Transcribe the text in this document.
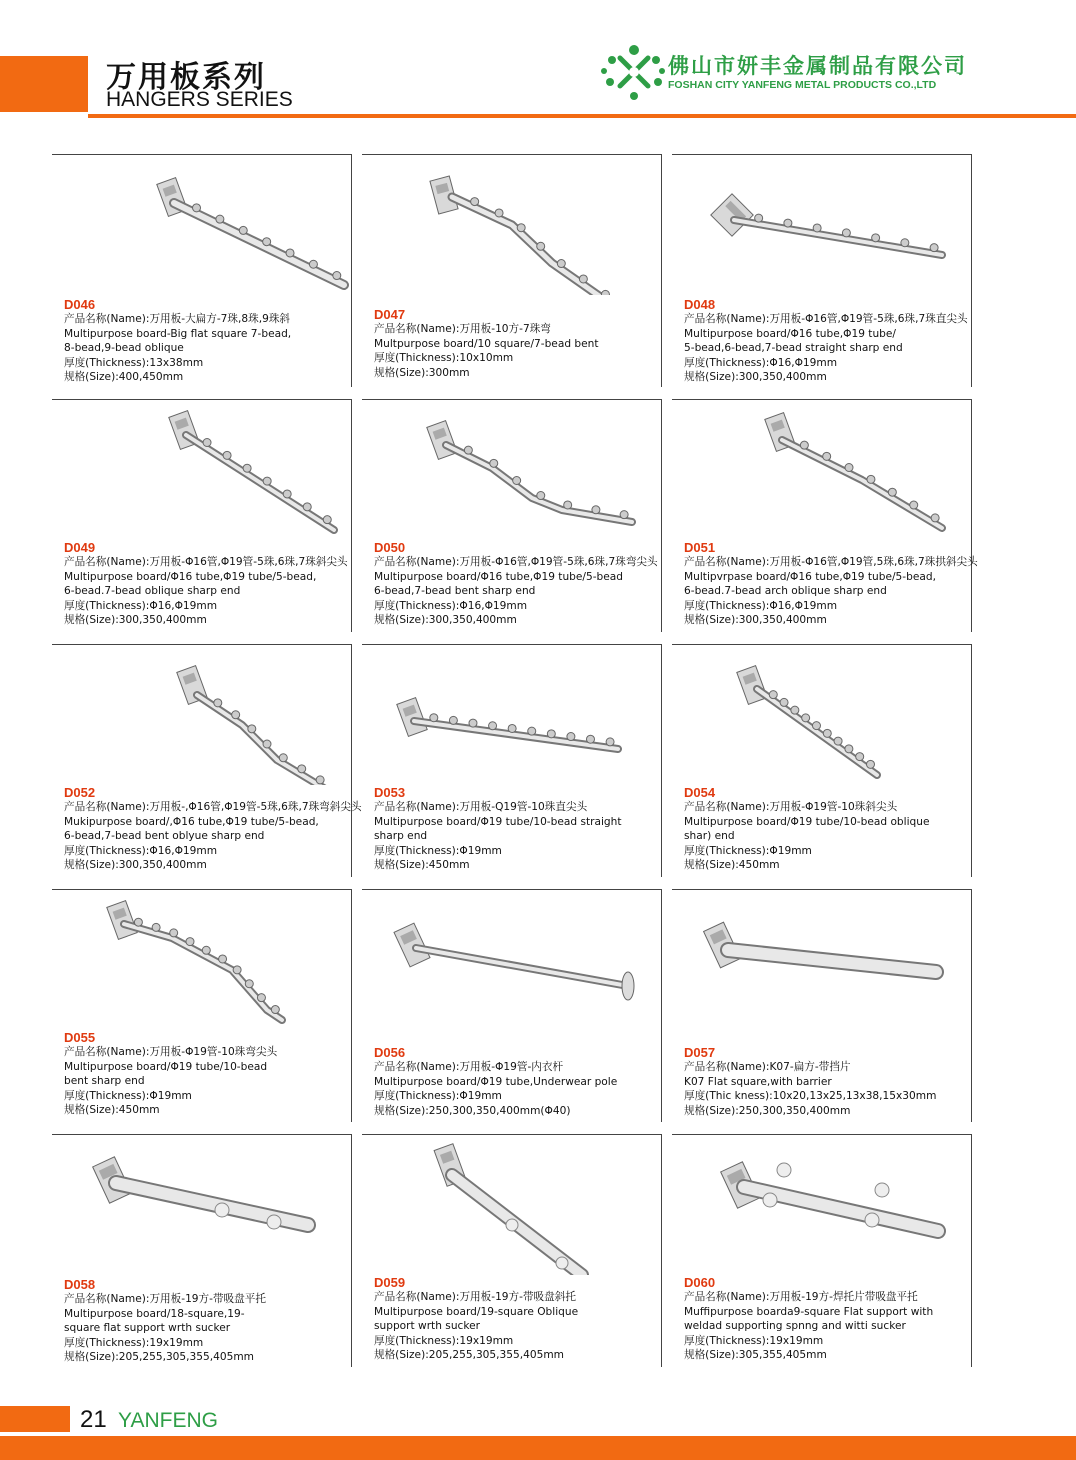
万用板系列
HANGERS SERIES
佛山市妍丰金属制品有限公司
FOSHAN CITY YANFENG METAL PRODUCTS CO.,LTD
D046
产品名称(Name):万用板-大扁方-7珠,8珠,9珠斜
Multipurpose board-Big flat square 7-bead,
8-bead,9-bead oblique
厚度(Thickness):13x38mm
规格(Size):400,450mm
D047
产品名称(Name):万用板-10方-7珠弯
Multpurpose board/10 square/7-bead bent
厚度(Thickness):10x10mm
规格(Size):300mm
D048
产品名称(Name):万用板-Φ16管,Φ19管-5珠,6珠,7珠直尖头
Multipurpose board/Φ16 tube,Φ19 tube/
5-bead,6-bead,7-bead straight sharp end
厚度(Thickness):Φ16,Φ19mm
规格(Size):300,350,400mm
D049
产品名称(Name):万用板-Φ16管,Φ19管-5珠,6珠,7珠斜尖头
Multipurpose board/Φ16 tube,Φ19 tube/5-bead,
6-bead.7-bead oblique sharp end
厚度(Thickness):Φ16,Φ19mm
规格(Size):300,350,400mm
D050
产品名称(Name):万用板-Φ16管,Φ19管-5珠,6珠,7珠弯尖头
Multipurpose board/Φ16 tube,Φ19 tube/5-bead
6-bead,7-bead bent sharp end
厚度(Thickness):Φ16,Φ19mm
规格(Size):300,350,400mm
D051
产品名称(Name):万用板-Φ16管,Φ19管,5珠,6珠,7珠拱斜尖头
Multipvrpase board/Φ16 tube,Φ19 tube/5-bead,
6-bead.7-bead arch oblique sharp end
厚度(Thickness):Φ16,Φ19mm
规格(Size):300,350,400mm
D052
产品名称(Name):万用板-,Φ16管,Φ19管-5珠,6珠,7珠弯斜尖头
Mukipurpose board/,Φ16 tube,Φ19 tube/5-bead,
6-bead,7-bead bent oblyue sharp end
厚度(Thickness):Φ16,Φ19mm
规格(Size):300,350,400mm
D053
产品名称(Name):万用板-Q19管-10珠直尖头
Multipurpose board/Φ19 tube/10-bead straight
sharp end
厚度(Thickness):Φ19mm
规格(Size):450mm
D054
产品名称(Name):万用板-Φ19管-10珠斜尖头
Multipurpose board/Φ19 tube/10-bead oblique
shar) end
厚度(Thickness):Φ19mm
规格(Size):450mm
D055
产品名称(Name):万用板-Φ19管-10珠弯尖头
Multipurpose board/Φ19 tube/10-bead
bent sharp end
厚度(Thickness):Φ19mm
规格(Size):450mm
D056
产品名称(Name):万用板-Φ19管-内衣杆
Multipurpose board/Φ19 tube,Underwear pole
厚度(Thickness):Φ19mm
规格(Size):250,300,350,400mm(Φ40)
D057
产品名称(Name):K07-扁方-带挡片
K07 Flat square,with barrier
厚度(Thic kness):10x20,13x25,13x38,15x30mm
规格(Size):250,300,350,400mm
D058
产品名称(Name):万用板-19方-带吸盘平托
Multipurpose board/18-square,19-
square flat support wrth sucker
厚度(Thickness):19x19mm
规格(Size):205,255,305,355,405mm
D059
产品名称(Name):万用板-19方-带吸盘斜托
Multipurpose board/19-square Oblique
support wrth sucker
厚度(Thickness):19x19mm
规格(Size):205,255,305,355,405mm
D060
产品名称(Name):万用板-19方-焊托片带吸盘平托
Muffipurpose boarda9-square Flat support with
weldad supporting spnng and witti sucker
厚度(Thickness):19x19mm
规格(Size):305,355,405mm
21 YANFENG
